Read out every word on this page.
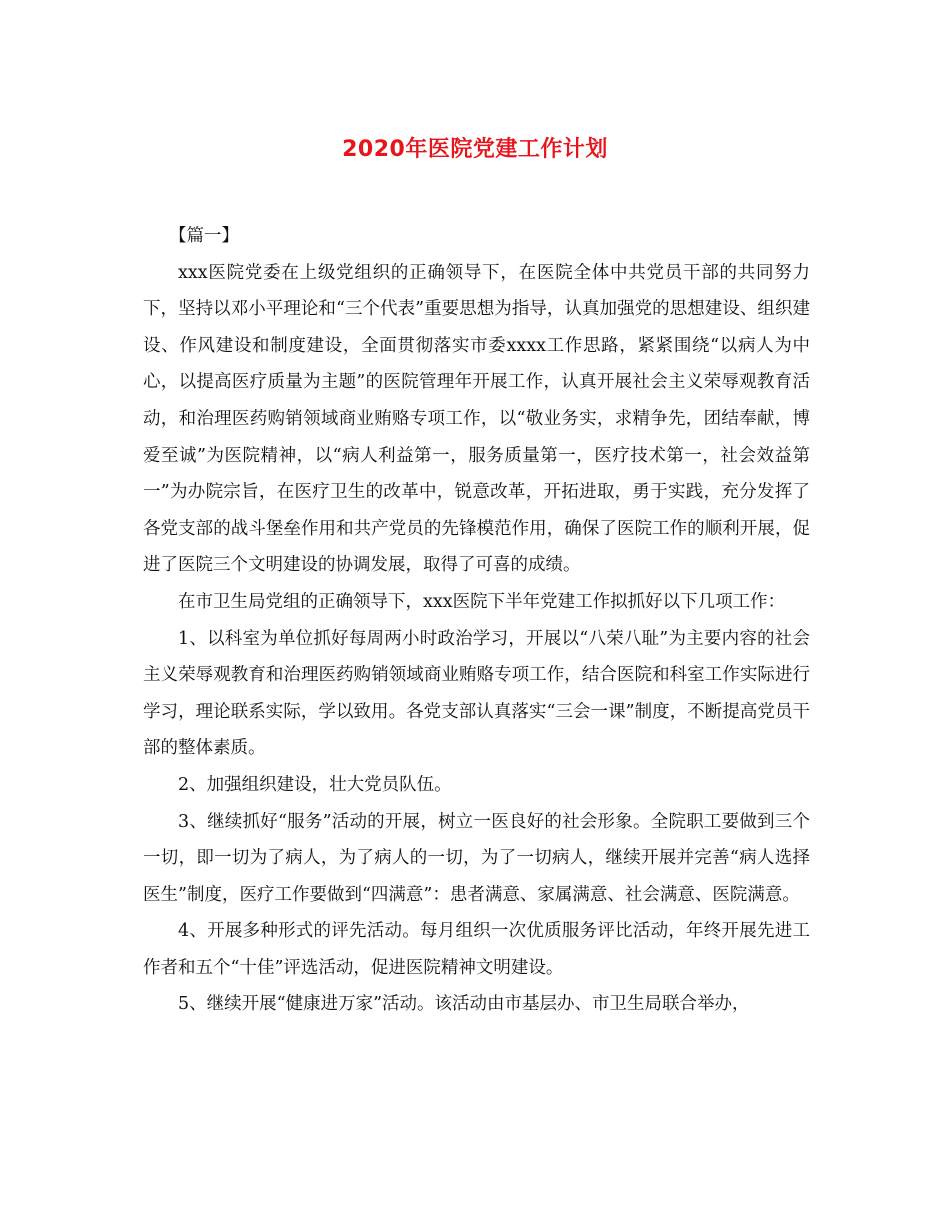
2020年医院党建工作计划

【篇一】

xxx医院党委在上级党组织的正确领导下，在医院全体中共党员干部的共同努力下，坚持以邓小平理论和“三个代表”重要思想为指导，认真加强党的思想建设、组织建设、作风建设和制度建设，全面贯彻落实市委xxxx工作思路，紧紧围绕“以病人为中心，以提高医疗质量为主题”的医院管理年开展工作，认真开展社会主义荣辱观教育活动，和治理医药购销领域商业贿赂专项工作，以“敬业务实，求精争先，团结奉献，博爱至诚”为医院精神，以“病人利益第一，服务质量第一，医疗技术第一，社会效益第一”为办院宗旨，在医疗卫生的改革中，锐意改革，开拓进取，勇于实践，充分发挥了各党支部的战斗堡垒作用和共产党员的先锋模范作用，确保了医院工作的顺利开展，促进了医院三个文明建设的协调发展，取得了可喜的成绩。

在市卫生局党组的正确领导下，xxx医院下半年党建工作拟抓好以下几项工作：

1、以科室为单位抓好每周两小时政治学习，开展以“八荣八耻”为主要内容的社会主义荣辱观教育和治理医药购销领域商业贿赂专项工作，结合医院和科室工作实际进行学习，理论联系实际，学以致用。各党支部认真落实“三会一课”制度，不断提高党员干部的整体素质。

2、加强组织建设，壮大党员队伍。

3、继续抓好“服务”活动的开展，树立一医良好的社会形象。全院职工要做到三个一切，即一切为了病人，为了病人的一切，为了一切病人，继续开展并完善“病人选择医生”制度，医疗工作要做到“四满意”：患者满意、家属满意、社会满意、医院满意。

4、开展多种形式的评先活动。每月组织一次优质服务评比活动，年终开展先进工作者和五个“十佳”评选活动，促进医院精神文明建设。

5、继续开展“健康进万家”活动。该活动由市基层办、市卫生局联合举办，
